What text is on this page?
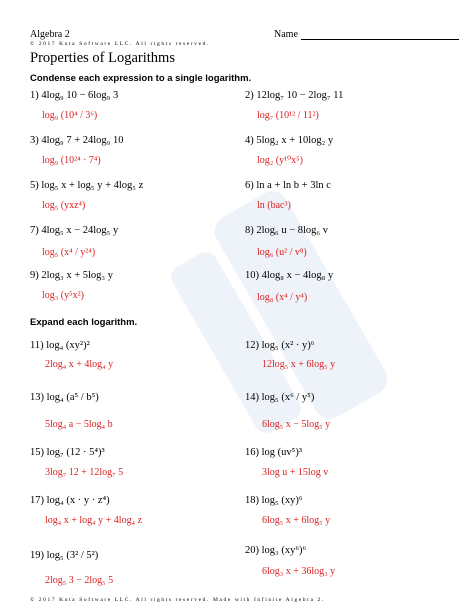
Algebra 2	Name
© 2017 Kuta Software LLC. All rights reserved.
Properties of Logarithms
Condense each expression to a single logarithm.
Expand each logarithm.
1) 4log₉ 10 − 6log₉ 3
log₉ (10⁴ / 3⁶)
2) 12log₇ 10 − 2log₇ 11
log₇ (10¹² / 11²)
3) 4log₉ 7 + 24log₉ 10
log₉ (10²⁴ · 7⁴)
4) 5log₂ x + 10log₂ y
log₂ (y¹⁰x⁵)
5) log₅ x + log₅ y + 4log₅ z
log₅ (yxz⁴)
6) ln a + ln b + 3ln c
ln (bac³)
7) 4log₅ x − 24log₅ y
log₅ (x⁴ / y²⁴)
8) 2log₆ u − 8log₆ v
log₆ (u² / v⁸)
9) 2log₃ x + 5log₃ y
log₃ (y⁵x²)
10) 4log₈ x − 4log₈ y
log₈ (x⁴ / y⁴)
11) log₄ (xy²)²
2log₄ x + 4log₄ y
12) log₅ (x² · y)⁶
12log₅ x + 6log₅ y
13) log₄ (a⁵ / b⁵)
5log₄ a − 5log₄ b
14) log₅ (x⁶ / y⁵)
6log₅ x − 5log₅ y
15) log₇ (12 · 5⁴)³
3log₇ 12 + 12log₇ 5
16) log (uv⁵)³
3log u + 15log v
17) log₄ (x · y · z⁴)
log₄ x + log₄ y + 4log₄ z
18) log₅ (xy)⁶
6log₅ x + 6log₅ y
19) log₅ (3² / 5²)
2log₅ 3 − 2log₅ 5
20) log₃ (xy⁶)⁶
6log₃ x + 36log₃ y
© 2017 Kuta Software LLC. All rights reserved. Made with Infinite Algebra 2.
